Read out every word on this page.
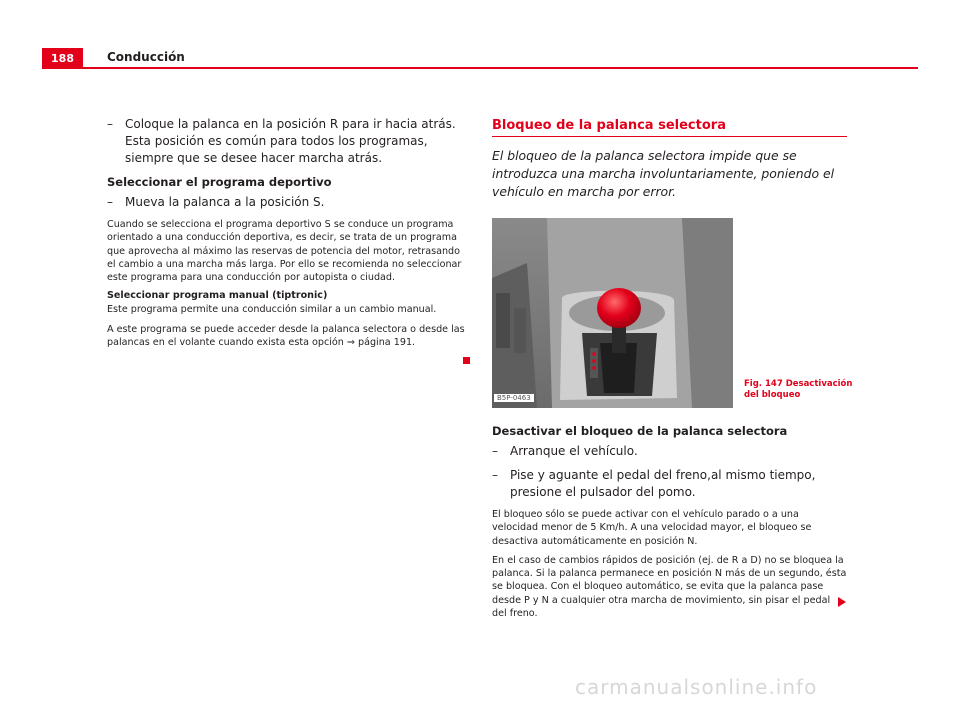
188	Conducción
–	Coloque la palanca en la posición R para ir hacia atrás. Esta posición es común para todos los programas, siempre que se desee hacer marcha atrás.
Seleccionar el programa deportivo
–	Mueva la palanca a la posición S.
Cuando se selecciona el programa deportivo S se conduce un programa orientado a una conducción deportiva, es decir, se trata de un programa que aprovecha al máximo las reservas de potencia del motor, retrasando el cambio a una marcha más larga. Por ello se recomienda no seleccionar este programa para una conducción por autopista o ciudad.
Seleccionar programa manual (tiptronic)
Este programa permite una conducción similar a un cambio manual.
A este programa se puede acceder desde la palanca selectora o desde las palancas en el volante cuando exista esta opción ⇒ página 191.
Bloqueo de la palanca selectora
El bloqueo de la palanca selectora impide que se introduzca una marcha involuntariamente, poniendo el vehículo en marcha por error.
B5P-0463
Fig. 147 Desactivación del bloqueo
Desactivar el bloqueo de la palanca selectora
–	Arranque el vehículo.
–	Pise y aguante el pedal del freno,al mismo tiempo, presione el pulsador del pomo.
El bloqueo sólo se puede activar con el vehículo parado o a una velocidad menor de 5 Km/h. A una velocidad mayor, el bloqueo se desactiva automáticamente en posición N.
En el caso de cambios rápidos de posición (ej. de R a D) no se bloquea la palanca. Si la palanca permanece en posición N más de un segundo, ésta se bloquea. Con el bloqueo automático, se evita que la palanca pase desde P y N a cualquier otra marcha de movimiento, sin pisar el pedal del freno.
carmanualsonline.info
